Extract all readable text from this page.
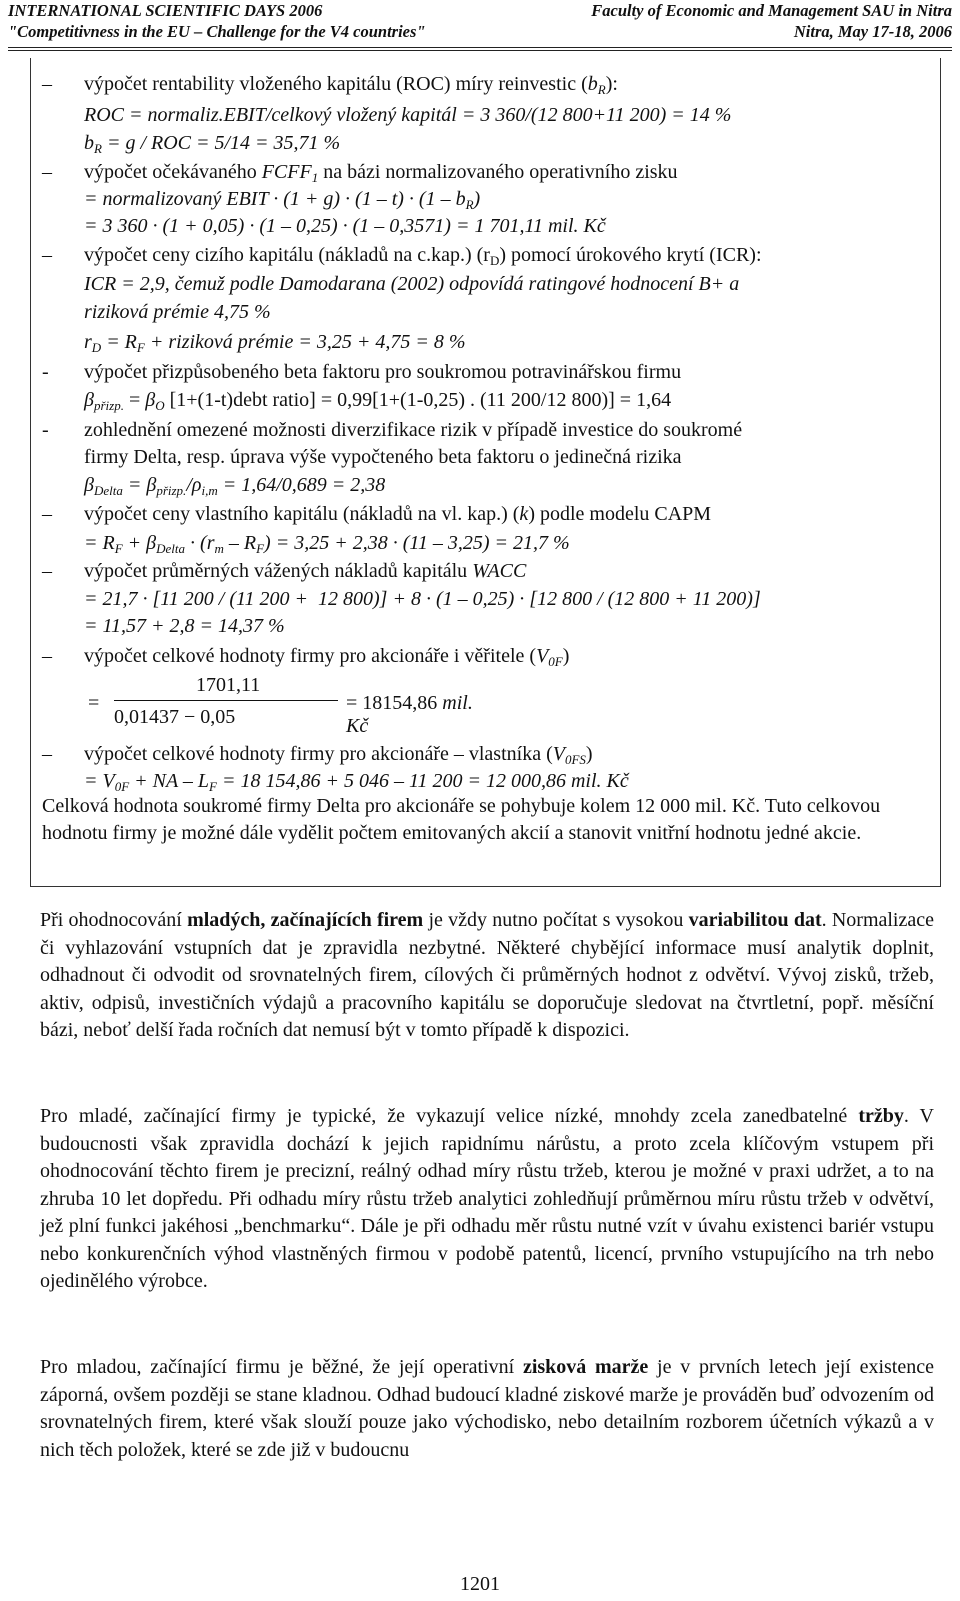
INTERNATIONAL SCIENTIFIC DAYS 2006	Faculty of Economic and Management SAU in Nitra
"Competitivness in the EU – Challenge for the V4 countries"	Nitra, May 17-18, 2006
– výpočet rentability vloženého kapitálu (ROC) míry reinvestic $(b_R)$:
ROC = normaliz.EBIT/celkový vložený kapitál = 3 360/(12 800+11 200) = 14 %
$b_R = g$ / ROC = 5/14 = 35,71 %
– výpočet očekávaného $FCFF_1$ na bázi normalizovaného operativního zisku
= normalizovaný EBIT · $(1 + g) \cdot (1 - t) \cdot (1 - b_R)$
= 3 360 · (1 + 0,05) · (1 – 0,25) · (1 – 0,3571) = 1 701,11 mil. Kč
– výpočet ceny cizího kapitálu (nákladů na c.kap.) $(r_D)$ pomocí úrokového krytí (ICR):
ICR = 2,9, čemuž podle Damodarana (2002) odpovídá ratingové hodnocení B+ a
riziková prémie 4,75 %
$r_D = R_F$ + riziková prémie = 3,25 + 4,75 = 8 %
- výpočet přizpůsobeného beta faktoru pro soukromou potravinářskou firmu
$\beta_{přizp.} = \beta_O$ [1+(1-t)debt ratio] = 0,99[1+(1-0,25) . (11 200/12 800)] = 1,64
- zohlednění omezené možnosti diverzifikace rizik v případě investice do soukromé
firmy Delta, resp. úprava výše vypočteného beta faktoru o jedinečná rizika
$\beta_{Delta} = \beta_{přizp.}/\rho_{i,m} = 1,64/0,689 = 2,38$
– výpočet ceny vlastního kapitálu (nákladů na vl. kap.) (k) podle modelu CAPM
= $R_F + \beta_{Delta} \cdot (r_m - R_F) = 3,25 + 2,38 \cdot (11 - 3,25) = 21,7$ %
– výpočet průměrných vážených nákladů kapitálu WACC
= 21,7 · [11 200 / (11 200 +  12 800)] + 8 · (1 – 0,25) · [12 800 / (12 800 + 11 200)]
= 11,57 + 2,8 = 14,37 %
– výpočet celkové hodnoty firmy pro akcionáře i věřitele $(V_{0F})$
=
1701,11
0,01437 − 0,05
= 18154,86 mil. Kč
– výpočet celkové hodnoty firmy pro akcionáře – vlastníka $(V_{0FS})$
= $V_{0F}$ + NA – $L_F = 18$ 154,86 + 5 046 – 11 200 = 12 000,86 mil. Kč
Celková hodnota soukromé firmy Delta pro akcionáře se pohybuje kolem 12 000 mil. Kč. Tuto celkovou hodnotu firmy je možné dále vydělit počtem emitovaných akcií a stanovit vnitřní hodnotu jedné akcie.
Při ohodnocování mladých, začínajících firem je vždy nutno počítat s vysokou variabilitou dat. Normalizace či vyhlazování vstupních dat je zpravidla nezbytné. Některé chybějící informace musí analytik doplnit, odhadnout či odvodit od srovnatelných firem, cílových či průměrných hodnot z odvětví. Vývoj zisků, tržeb, aktiv, odpisů, investičních výdajů a pracovního kapitálu se doporučuje sledovat na čtvrtletní, popř. měsíční bázi, neboť delší řada ročních dat nemusí být v tomto případě k dispozici.
Pro mladé, začínající firmy je typické, že vykazují velice nízké, mnohdy zcela zanedbatelné tržby. V budoucnosti však zpravidla dochází k jejich rapidnímu nárůstu, a proto zcela klíčovým vstupem při ohodnocování těchto firem je precizní, reálný odhad míry růstu tržeb, kterou je možné v praxi udržet, a to na zhruba 10 let dopředu. Při odhadu míry růstu tržeb analytici zohledňují průměrnou míru růstu tržeb v odvětví, jež plní funkci jakéhosi „benchmarku“. Dále je při odhadu měr růstu nutné vzít v úvahu existenci bariér vstupu nebo konkurenčních výhod vlastněných firmou v podobě patentů, licencí, prvního vstupujícího na trh nebo ojedinělého výrobce.
Pro mladou, začínající firmu je běžné, že její operativní zisková marže je v prvních letech její existence záporná, ovšem později se stane kladnou. Odhad budoucí kladné ziskové marže je prováděn buď odvozením od srovnatelných firem, které však slouží pouze jako východisko, nebo detailním rozborem účetních výkazů a v nich těch položek, které se zde již v budoucnu
1201
